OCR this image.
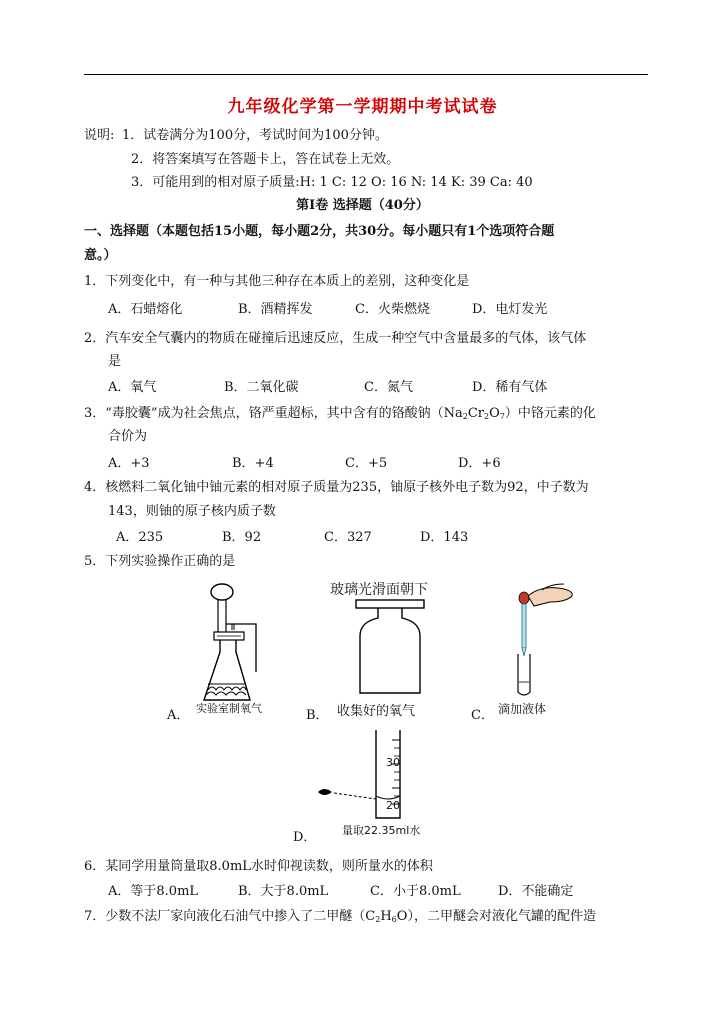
九年级化学第一学期期中考试试卷
说明: 1．试卷满分为100分，考试时间为100分钟。
2．将答案填写在答题卡上，答在试卷上无效。
3．可能用到的相对原子质量:H: 1 C: 12 O: 16 N: 14 K: 39 Ca: 40
第Ⅰ卷 选择题（40分）
一、选择题（本题包括15小题，每小题2分，共30分。每小题只有1个选项符合题
意。）
1．下列变化中，有一种与其他三种存在本质上的差别，这种变化是
A．石蜡熔化	B．酒精挥发	C．火柴燃烧	D．电灯发光
2．汽车安全气囊内的物质在碰撞后迅速反应，生成一种空气中含量最多的气体，该气体
是
A．氧气	B．二氧化碳	C．氮气	D．稀有气体
3．“毒胶囊”成为社会焦点，铬严重超标，其中含有的铬酸钠$(Na_2Cr_2O_7)$中铬元素的化
合价为
A．+3	B．+4	C．+5	D．+6
4．核燃料二氧化铀中铀元素的相对原子质量为235，铀原子核外电子数为92，中子数为
143，则铀的原子核内质子数
A．235	B．92	C．327	D．143
5．下列实验操作正确的是
A． 实验室制氧气
玻璃光滑面朝下
B． 收集好的氧气	C． 滴加液体
30
20
D． 量取22.35ml水
6．某同学用量筒量取8.0mL水时仰视读数，则所量水的体积
A．等于8.0mL	B．大于8.0mL	C．小于8.0mL	D．不能确定
7．少数不法厂家向液化石油气中掺入了二甲醚$(C_2H_6O)$，二甲醚会对液化气罐的配件造
